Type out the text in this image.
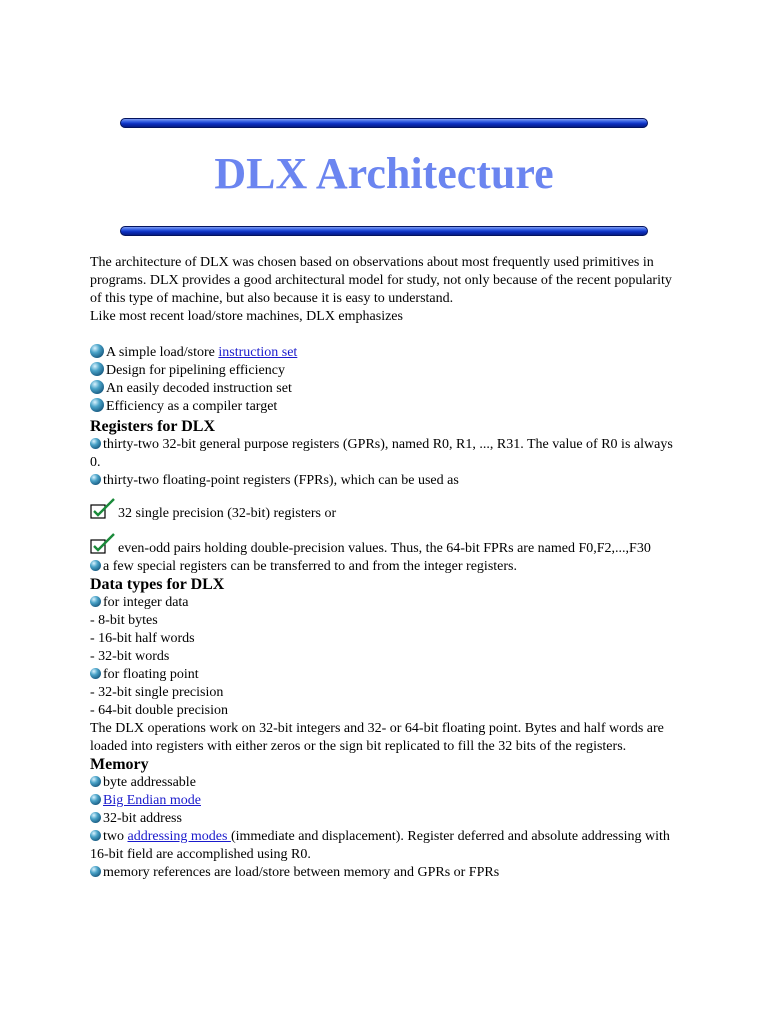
DLX Architecture

The architecture of DLX was chosen based on observations about most frequently used primitives in programs. DLX provides a good architectural model for study, not only because of the recent popularity of this type of machine, but also because it is easy to understand.

Like most recent load/store machines, DLX emphasizes

A simple load/store instruction set

Design for pipelining efficiency

An easily decoded instruction set

Efficiency as a compiler target

Registers for DLX

thirty-two 32-bit general purpose registers (GPRs), named R0, R1, ..., R31. The value of R0 is always 0.

thirty-two floating-point registers (FPRs), which can be used as

32 single precision (32-bit) registers or

even-odd pairs holding double-precision values. Thus, the 64-bit FPRs are named F0,F2,...,F30

a few special registers can be transferred to and from the integer registers.

Data types for DLX

for integer data

- 8-bit bytes

- 16-bit half words

- 32-bit words

for floating point

- 32-bit single precision

- 64-bit double precision

The DLX operations work on 32-bit integers and 32- or 64-bit floating point. Bytes and half words are loaded into registers with either zeros or the sign bit replicated to fill the 32 bits of the registers.

Memory

byte addressable

Big Endian mode

32-bit address

two addressing modes (immediate and displacement). Register deferred and absolute addressing with 16-bit field are accomplished using R0.

memory references are load/store between memory and GPRs or FPRs
